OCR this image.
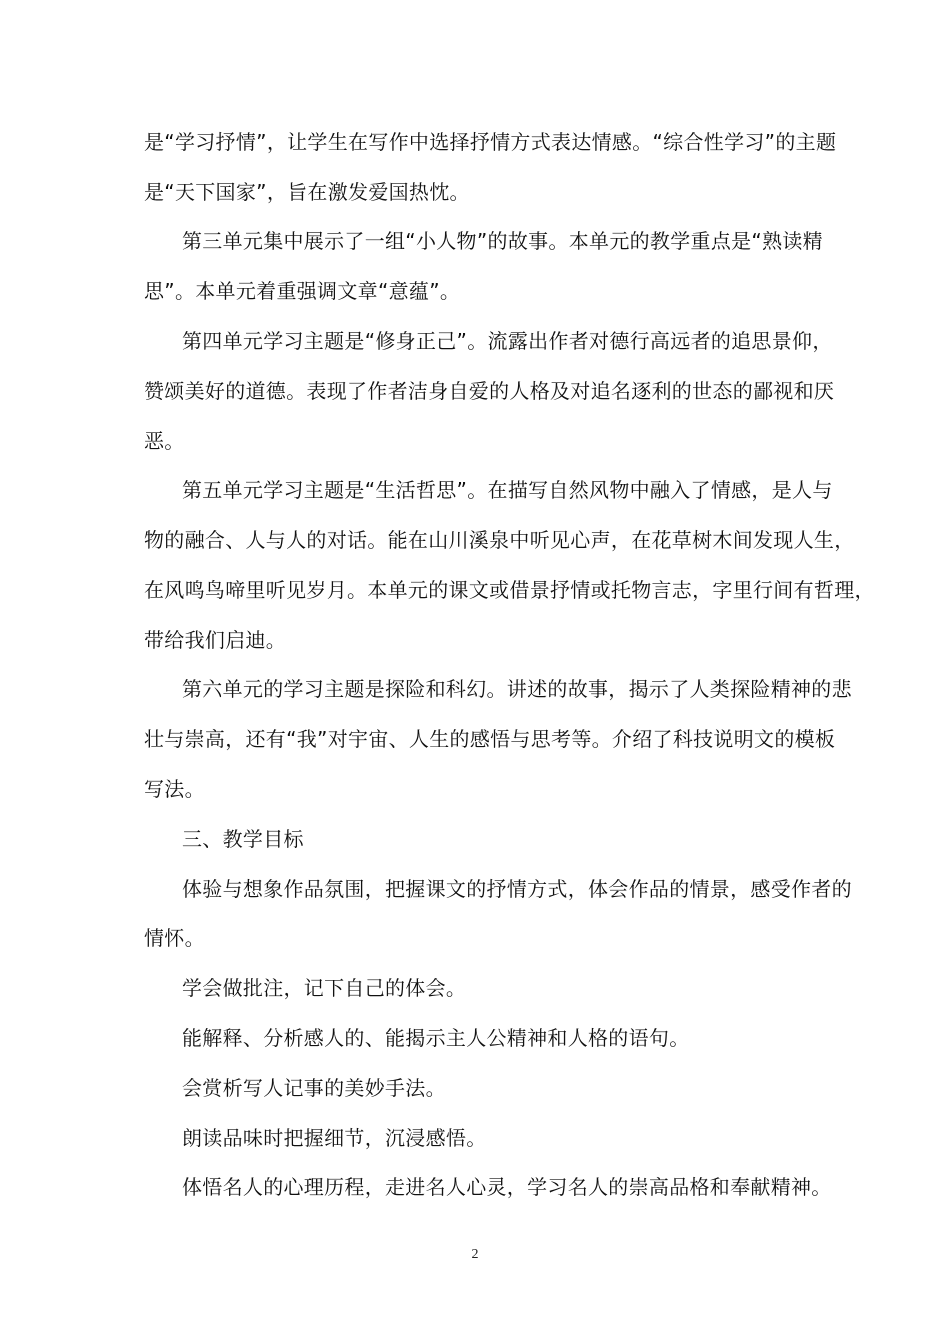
是“学习抒情”，让学生在写作中选择抒情方式表达情感。“综合性学习”的主题
是“天下国家”，旨在激发爱国热忱。
第三单元集中展示了一组“小人物”的故事。本单元的教学重点是“熟读精
思”。本单元着重强调文章“意蕴”。
第四单元学习主题是“修身正己”。流露出作者对德行高远者的追思景仰，
赞颂美好的道德。表现了作者洁身自爱的人格及对追名逐利的世态的鄙视和厌
恶。
第五单元学习主题是“生活哲思”。在描写自然风物中融入了情感，是人与
物的融合、人与人的对话。能在山川溪泉中听见心声，在花草树木间发现人生，
在风鸣鸟啼里听见岁月。本单元的课文或借景抒情或托物言志，字里行间有哲理，
带给我们启迪。
第六单元的学习主题是探险和科幻。讲述的故事，揭示了人类探险精神的悲
壮与崇高，还有“我”对宇宙、人生的感悟与思考等。介绍了科技说明文的模板
写法。
三、教学目标
体验与想象作品氛围，把握课文的抒情方式，体会作品的情景，感受作者的
情怀。
学会做批注，记下自己的体会。
能解释、分析感人的、能揭示主人公精神和人格的语句。
会赏析写人记事的美妙手法。
朗读品味时把握细节，沉浸感悟。
体悟名人的心理历程，走进名人心灵，学习名人的崇高品格和奉献精神。
2
